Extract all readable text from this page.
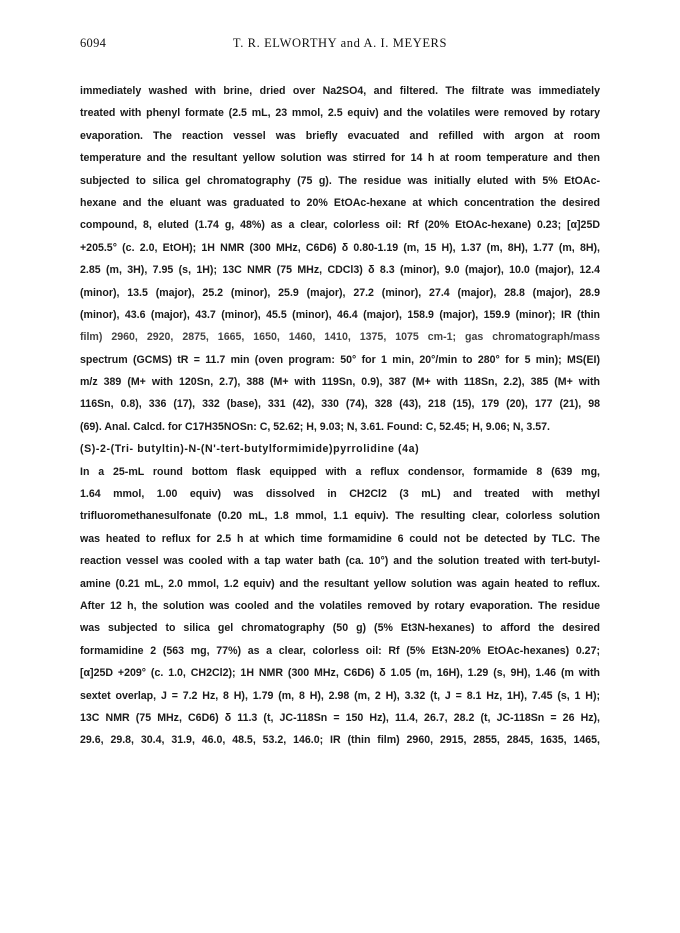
6094	T. R. ELWORTHY and A. I. MEYERS
immediately washed with brine, dried over Na2SO4, and filtered. The filtrate was immediately
treated with phenyl formate (2.5 mL, 23 mmol, 2.5 equiv) and the volatiles were removed by rotary
evaporation. The reaction vessel was briefly evacuated and refilled with argon at room
temperature and the resultant yellow solution was stirred for 14 h at room temperature and then
subjected to silica gel chromatography (75 g). The residue was initially eluted with 5% EtOAc-
hexane and the eluant was graduated to 20% EtOAc-hexane at which concentration the desired
compound, 8, eluted (1.74 g, 48%) as a clear, colorless oil: Rf (20% EtOAc-hexane) 0.23; [α]25D
+205.5° (c. 2.0, EtOH); 1H NMR (300 MHz, C6D6) δ 0.80-1.19 (m, 15 H), 1.37 (m, 8H), 1.77 (m, 8H),
2.85 (m, 3H), 7.95 (s, 1H); 13C NMR (75 MHz, CDCl3) δ 8.3 (minor), 9.0 (major), 10.0 (major), 12.4
(minor), 13.5 (major), 25.2 (minor), 25.9 (major), 27.2 (minor), 27.4 (major), 28.8 (major), 28.9
(minor), 43.6 (major), 43.7 (minor), 45.5 (minor), 46.4 (major), 158.9 (major), 159.9 (minor); IR (thin
film) 2960, 2920, 2875, 1665, 1650, 1460, 1410, 1375, 1075 cm-1; gas chromatograph/mass
spectrum (GCMS) tR = 11.7 min (oven program: 50° for 1 min, 20°/min to 280° for 5 min); MS(EI)
m/z 389 (M+ with 120Sn, 2.7), 388 (M+ with 119Sn, 0.9), 387 (M+ with 118Sn, 2.2), 385 (M+ with
116Sn, 0.8), 336 (17), 332 (base), 331 (42), 330 (74), 328 (43), 218 (15), 179 (20), 177 (21), 98
(69). Anal. Calcd. for C17H35NOSn: C, 52.62; H, 9.03; N, 3.61. Found: C, 52.45; H, 9.06; N, 3.57.
(S)-2-(Tri- butyltin)-N-(N'-tert-butylformimide)pyrrolidine (4a)
In a 25-mL round bottom flask equipped with a reflux condensor, formamide 8 (639 mg,
1.64 mmol, 1.00 equiv) was dissolved in CH2Cl2 (3 mL) and treated with methyl
trifluoromethanesulfonate (0.20 mL, 1.8 mmol, 1.1 equiv). The resulting clear, colorless solution
was heated to reflux for 2.5 h at which time formamidine 6 could not be detected by TLC. The
reaction vessel was cooled with a tap water bath (ca. 10°) and the solution treated with tert-butyl-
amine (0.21 mL, 2.0 mmol, 1.2 equiv) and the resultant yellow solution was again heated to reflux.
After 12 h, the solution was cooled and the volatiles removed by rotary evaporation. The residue
was subjected to silica gel chromatography (50 g) (5% Et3N-hexanes) to afford the desired
formamidine 2 (563 mg, 77%) as a clear, colorless oil: Rf (5% Et3N-20% EtOAc-hexanes) 0.27;
[α]25D +209° (c. 1.0, CH2Cl2); 1H NMR (300 MHz, C6D6) δ 1.05 (m, 16H), 1.29 (s, 9H), 1.46 (m with
sextet overlap, J = 7.2 Hz, 8 H), 1.79 (m, 8 H), 2.98 (m, 2 H), 3.32 (t, J = 8.1 Hz, 1H), 7.45 (s, 1 H);
13C NMR (75 MHz, C6D6) δ 11.3 (t, JC-118Sn = 150 Hz), 11.4, 26.7, 28.2 (t, JC-118Sn = 26 Hz),
29.6, 29.8, 30.4, 31.9, 46.0, 48.5, 53.2, 146.0; IR (thin film) 2960, 2915, 2855, 2845, 1635, 1465,
